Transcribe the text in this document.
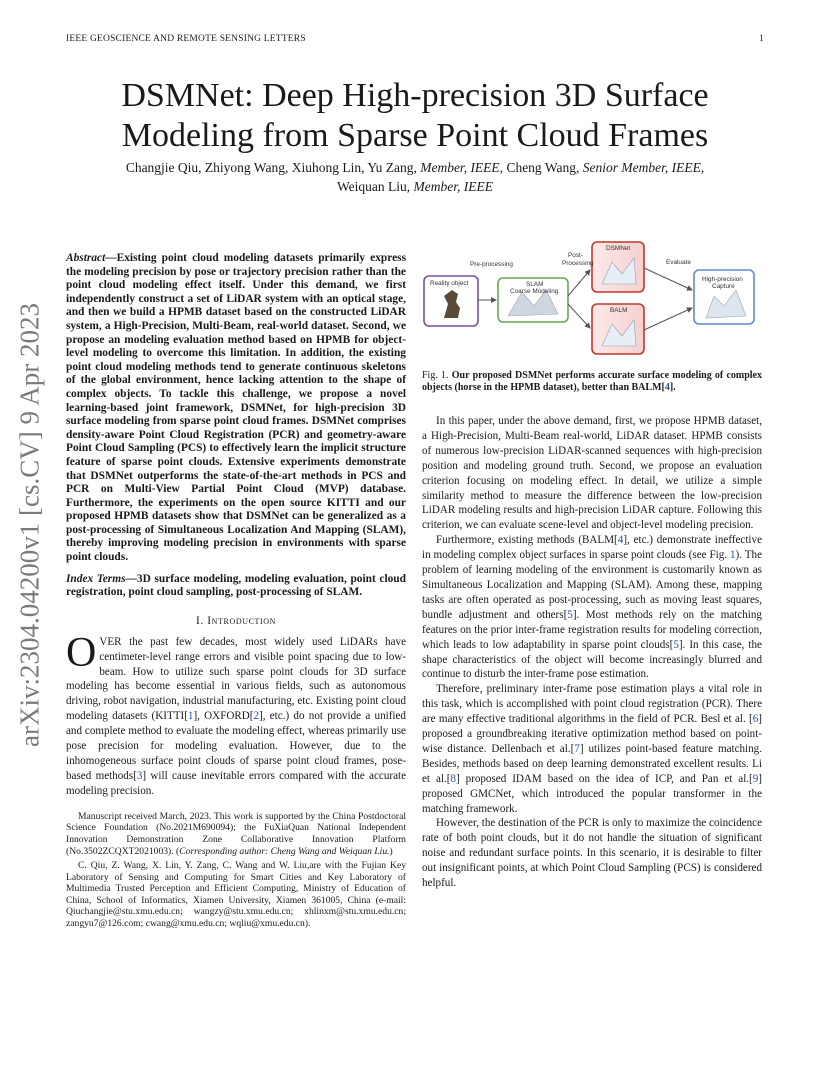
IEEE GEOSCIENCE AND REMOTE SENSING LETTERS	1
arXiv:2304.04200v1 [cs.CV] 9 Apr 2023
DSMNet: Deep High-precision 3D Surface
Modeling from Sparse Point Cloud Frames
Changjie Qiu, Zhiyong Wang, Xiuhong Lin, Yu Zang, Member, IEEE, Cheng Wang, Senior Member, IEEE,
Weiquan Liu, Member, IEEE

Abstract—Existing point cloud modeling datasets primarily express the modeling precision by pose or trajectory precision rather than the point cloud modeling effect itself. Under this demand, we first independently construct a set of LiDAR system with an optical stage, and then we build a HPMB dataset based on the constructed LiDAR system, a High-Precision, Multi-Beam, real-world dataset. Second, we propose an modeling evaluation method based on HPMB for object-level modeling to overcome this limitation. In addition, the existing point cloud modeling methods tend to generate continuous skeletons of the global environment, hence lacking attention to the shape of complex objects. To tackle this challenge, we propose a novel learning-based joint framework, DSMNet, for high-precision 3D surface modeling from sparse point cloud frames. DSMNet comprises density-aware Point Cloud Registration (PCR) and geometry-aware Point Cloud Sampling (PCS) to effectively learn the implicit structure feature of sparse point clouds. Extensive experiments demonstrate that DSMNet outperforms the state-of-the-art methods in PCS and PCR on Multi-View Partial Point Cloud (MVP) database. Furthermore, the experiments on the open source KITTI and our proposed HPMB datasets show that DSMNet can be generalized as a post-processing of Simultaneous Localization And Mapping (SLAM), thereby improving modeling precision in environments with sparse point clouds.

Index Terms—3D surface modeling, modeling evaluation, point cloud registration, point cloud sampling, post-processing of SLAM.

I. Introduction

OVER the past few decades, most widely used LiDARs have centimeter-level range errors and visible point spacing due to low-beam. How to utilize such sparse point clouds for 3D surface modeling has become essential in various fields, such as autonomous driving, robot navigation, industrial manufacturing, etc. Existing point cloud modeling datasets (KITTI[1], OXFORD[2], etc.) do not provide a unified and complete method to evaluate the modeling effect, whereas primarily use pose precision for modeling evaluation. However, due to the inhomogeneous surface point clouds of sparse point cloud frames, pose-based methods[3] will cause inevitable errors compared with the accurate modeling precision.

Manuscript received March, 2023. This work is supported by the China Postdoctoral Science Foundation (No.2021M690094); the FuXiaQuan National Independent Innovation Demonstration Zone Collaborative Innovation Platform (No.3502ZCQXT2021003). (Corresponding author: Cheng Wang and Weiquan Liu.)

C. Qiu, Z. Wang, X. Lin, Y. Zang, C. Wang and W. Liu,are with the Fujian Key Laboratory of Sensing and Computing for Smart Cities and Key Laboratory of Multimedia Trusted Perception and Efficient Computing, Ministry of Education of China, School of Informatics, Xiamen University, Xiamen 361005, China (e-mail: Qiuchangjie@stu.xmu.edu.cn; wangzy@stu.xmu.edu.cn; xhlinxm@stu.xmu.edu.cn; zangyu7@126.com; cwang@xmu.edu.cn; wqliu@xmu.edu.cn).

Pre-processing
Post-
Processing
DSMNet
Evaluate
Reality object	SLAM
Coarse Modeling
BALM
High-precision
Capture
Fig. 1. Our proposed DSMNet performs accurate surface modeling of complex objects (horse in the HPMB dataset), better than BALM[4].

In this paper, under the above demand, first, we propose HPMB dataset, a High-Precision, Multi-Beam real-world, LiDAR dataset. HPMB consists of numerous low-precision LiDAR-scanned sequences with high-precision position and modeling ground truth. Second, we propose an evaluation criterion focusing on modeling effect. In detail, we utilize a simple similarity method to measure the difference between the low-precision LiDAR modeling results and high-precision LiDAR capture. Following this criterion, we can evaluate scene-level and object-level modeling precision.

Furthermore, existing methods (BALM[4], etc.) demonstrate ineffective in modeling complex object surfaces in sparse point clouds (see Fig. 1). The problem of learning modeling of the environment is customarily known as Simultaneous Localization and Mapping (SLAM). Among these, mapping tasks are often operated as post-processing, such as moving least squares, bundle adjustment and others[5]. Most methods rely on the matching features on the prior inter-frame registration results for modeling correction, which leads to low adaptability in sparse point clouds[5]. In this case, the shape characteristics of the object will become increasingly blurred and continue to disturb the inter-frame pose estimation.

Therefore, preliminary inter-frame pose estimation plays a vital role in this task, which is accomplished with point cloud registration (PCR). There are many effective traditional algorithms in the field of PCR. Besl et al. [6] proposed a groundbreaking iterative optimization method based on point-wise distance. Dellenbach et al.[7] utilizes point-based feature matching. Besides, methods based on deep learning demonstrated excellent results. Li et al.[8] proposed IDAM based on the idea of ICP, and Pan et al.[9] proposed GMCNet, which introduced the popular transformer in the matching framework.

However, the destination of the PCR is only to maximize the coincidence rate of both point clouds, but it do not handle the situation of significant noise and redundant surface points. In this scenario, it is desirable to filter out insignificant points, at which Point Cloud Sampling (PCS) is considered helpful.
